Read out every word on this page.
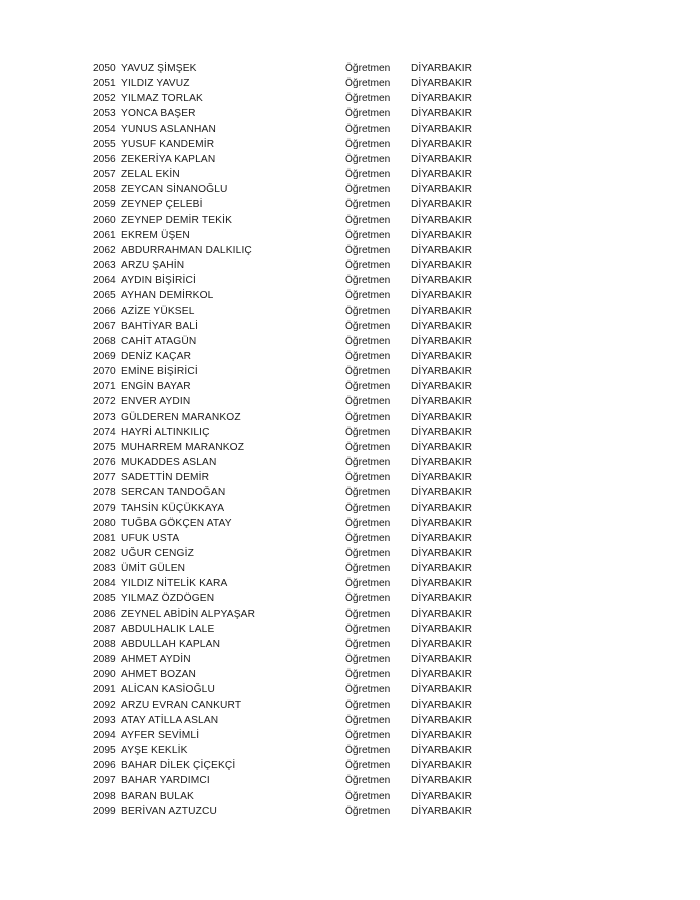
2050 YAVUZ ŞİMŞEK	Öğretmen	DİYARBAKIR
2051 YILDIZ YAVUZ	Öğretmen	DİYARBAKIR
2052 YILMAZ TORLAK	Öğretmen	DİYARBAKIR
2053 YONCA BAŞER	Öğretmen	DİYARBAKIR
2054 YUNUS ASLANHAN	Öğretmen	DİYARBAKIR
2055 YUSUF KANDEMİR	Öğretmen	DİYARBAKIR
2056 ZEKERİYA KAPLAN	Öğretmen	DİYARBAKIR
2057 ZELAL EKİN	Öğretmen	DİYARBAKIR
2058 ZEYCAN SİNANOĞLU	Öğretmen	DİYARBAKIR
2059 ZEYNEP ÇELEBİ	Öğretmen	DİYARBAKIR
2060 ZEYNEP DEMİR TEKİK	Öğretmen	DİYARBAKIR
2061 EKREM ÜŞEN	Öğretmen	DİYARBAKIR
2062 ABDURRAHMAN DALKILIÇ	Öğretmen	DİYARBAKIR
2063 ARZU ŞAHİN	Öğretmen	DİYARBAKIR
2064 AYDIN BİŞİRİCİ	Öğretmen	DİYARBAKIR
2065 AYHAN DEMİRKOL	Öğretmen	DİYARBAKIR
2066 AZİZE YÜKSEL	Öğretmen	DİYARBAKIR
2067 BAHTİYAR BALİ	Öğretmen	DİYARBAKIR
2068 CAHİT ATAGÜN	Öğretmen	DİYARBAKIR
2069 DENİZ KAÇAR	Öğretmen	DİYARBAKIR
2070 EMİNE BİŞİRİCİ	Öğretmen	DİYARBAKIR
2071 ENGİN BAYAR	Öğretmen	DİYARBAKIR
2072 ENVER AYDIN	Öğretmen	DİYARBAKIR
2073 GÜLDEREN MARANKOZ	Öğretmen	DİYARBAKIR
2074 HAYRİ ALTINKILIÇ	Öğretmen	DİYARBAKIR
2075 MUHARREM MARANKOZ	Öğretmen	DİYARBAKIR
2076 MUKADDES ASLAN	Öğretmen	DİYARBAKIR
2077 SADETTİN DEMİR	Öğretmen	DİYARBAKIR
2078 SERCAN TANDOĞAN	Öğretmen	DİYARBAKIR
2079 TAHSİN KÜÇÜKKAYA	Öğretmen	DİYARBAKIR
2080 TUĞBA GÖKÇEN ATAY	Öğretmen	DİYARBAKIR
2081 UFUK USTA	Öğretmen	DİYARBAKIR
2082 UĞUR CENGİZ	Öğretmen	DİYARBAKIR
2083 ÜMİT GÜLEN	Öğretmen	DİYARBAKIR
2084 YILDIZ NİTELİK KARA	Öğretmen	DİYARBAKIR
2085 YILMAZ ÖZDÖGEN	Öğretmen	DİYARBAKIR
2086 ZEYNEL ABİDİN ALPYAŞAR	Öğretmen	DİYARBAKIR
2087 ABDULHALIK LALE	Öğretmen	DİYARBAKIR
2088 ABDULLAH KAPLAN	Öğretmen	DİYARBAKIR
2089 AHMET AYDİN	Öğretmen	DİYARBAKIR
2090 AHMET BOZAN	Öğretmen	DİYARBAKIR
2091 ALİCAN KASİOĞLU	Öğretmen	DİYARBAKIR
2092 ARZU EVRAN CANKURT	Öğretmen	DİYARBAKIR
2093 ATAY ATİLLA ASLAN	Öğretmen	DİYARBAKIR
2094 AYFER SEVİMLİ	Öğretmen	DİYARBAKIR
2095 AYŞE KEKLİK	Öğretmen	DİYARBAKIR
2096 BAHAR DİLEK ÇİÇEKÇİ	Öğretmen	DİYARBAKIR
2097 BAHAR YARDIMCI	Öğretmen	DİYARBAKIR
2098 BARAN BULAK	Öğretmen	DİYARBAKIR
2099 BERİVAN AZTUZCU	Öğretmen	DİYARBAKIR
